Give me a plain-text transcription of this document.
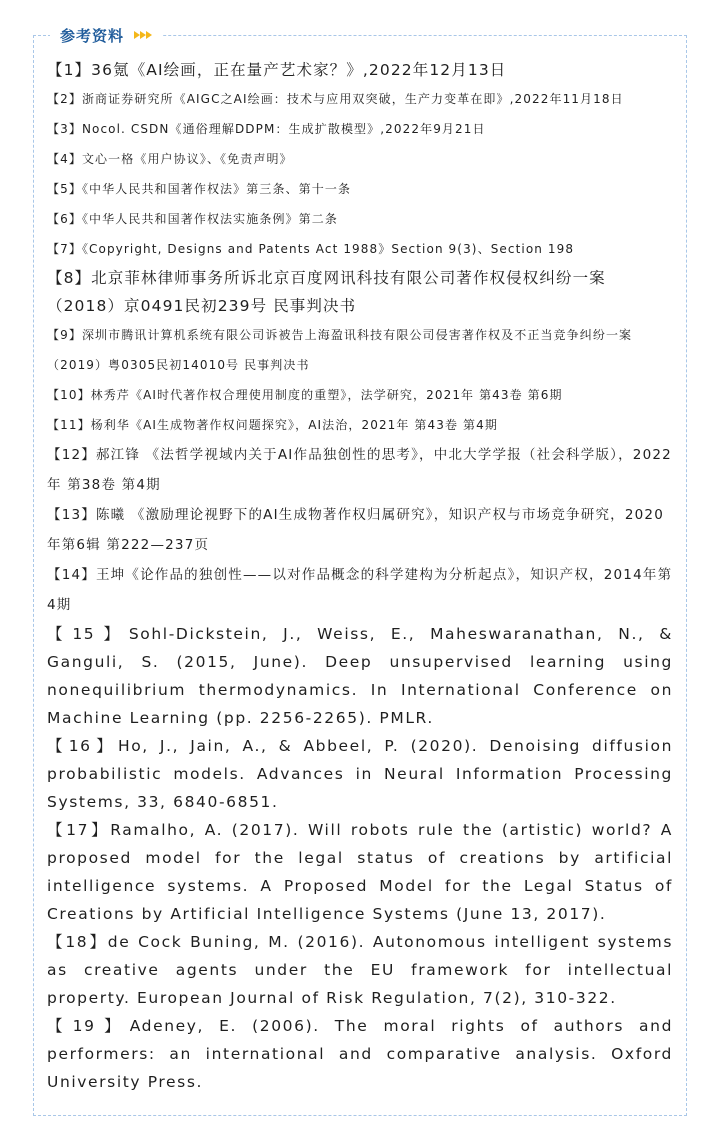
参考资料

【1】36氪《AI绘画，正在量产艺术家？》,2022年12月13日

【2】浙商证券研究所《AIGC之AI绘画：技术与应用双突破，生产力变革在即》,2022年11月18日

【3】Nocol. CSDN《通俗理解DDPM：生成扩散模型》,2022年9月21日

【4】文心一格《用户协议》、《免责声明》

【5】《中华人民共和国著作权法》第三条、第十一条

【6】《中华人民共和国著作权法实施条例》第二条

【7】《Copyright, Designs and Patents Act 1988》Section 9(3)、Section 198

【8】北京菲林律师事务所诉北京百度网讯科技有限公司著作权侵权纠纷一案 （2018）京0491民初239号 民事判决书

【9】深圳市腾讯计算机系统有限公司诉被告上海盈讯科技有限公司侵害著作权及不正当竞争纠纷一案 （2019）粤0305民初14010号 民事判决书

【10】林秀芹《AI时代著作权合理使用制度的重塑》，法学研究，2021年 第43卷 第6期

【11】杨利华《AI生成物著作权问题探究》，AI法治，2021年 第43卷 第4期

【12】郝江锋 《法哲学视域内关于AI作品独创性的思考》，中北大学学报（社会科学版），2022年 第38卷 第4期

【13】陈曦 《激励理论视野下的AI生成物著作权归属研究》，知识产权与市场竞争研究，2020年第6辑 第222—237页

【14】王坤《论作品的独创性——以对作品概念的科学建构为分析起点》，知识产权，2014年第4期

【15】Sohl-Dickstein, J., Weiss, E., Maheswaranathan, N., & Ganguli, S. (2015, June). Deep unsupervised learning using nonequilibrium thermodynamics. In International Conference on Machine Learning (pp. 2256-2265). PMLR.

【16】Ho, J., Jain, A., & Abbeel, P. (2020). Denoising diffusion probabilistic models. Advances in Neural Information Processing Systems, 33, 6840-6851.

【17】Ramalho, A. (2017). Will robots rule the (artistic) world? A proposed model for the legal status of creations by artificial intelligence systems. A Proposed Model for the Legal Status of Creations by Artificial Intelligence Systems (June 13, 2017).

【18】de Cock Buning, M. (2016). Autonomous intelligent systems as creative agents under the EU framework for intellectual property. European Journal of Risk Regulation, 7(2), 310-322.

【19】Adeney, E. (2006). The moral rights of authors and performers: an international and comparative analysis. Oxford University Press.
